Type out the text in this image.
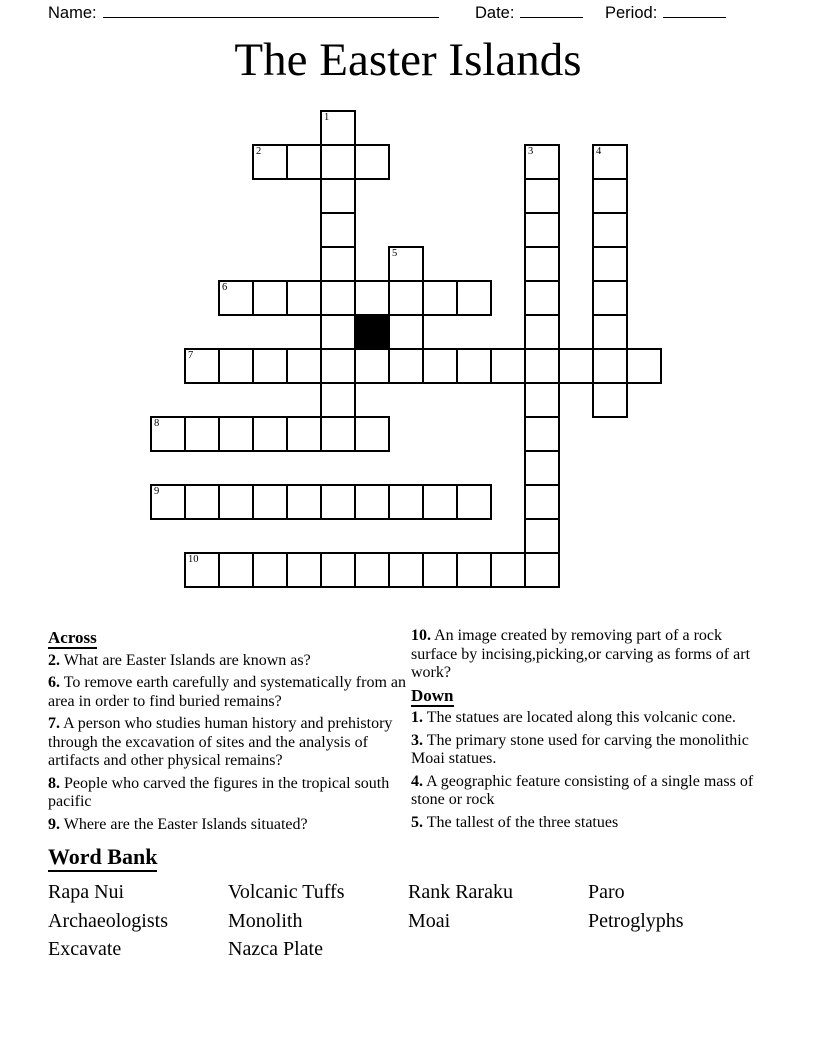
Name:	Date:	Period:
The Easter Islands
1
2	3	4
5
6
7
8
9
10
Across

2. What are Easter Islands are known as?

6. To remove earth carefully and systematically from an area in order to find buried remains?

7. A person who studies human history and prehistory through the excavation of sites and the analysis of artifacts and other physical remains?

8. People who carved the figures in the tropical south pacific

9. Where are the Easter Islands situated?

10. An image created by removing part of a rock surface by incising,picking,or carving as forms of art work?

Down

1. The statues are located along this volcanic cone.

3. The primary stone used for carving the monolithic Moai statues.

4. A geographic feature consisting of a single mass of stone or rock

5. The tallest of the three statues

Word Bank
Rapa Nui	Volcanic Tuffs	Rank Raraku	Paro
Archaeologists	Monolith	Moai	Petroglyphs
Excavate	Nazca Plate
